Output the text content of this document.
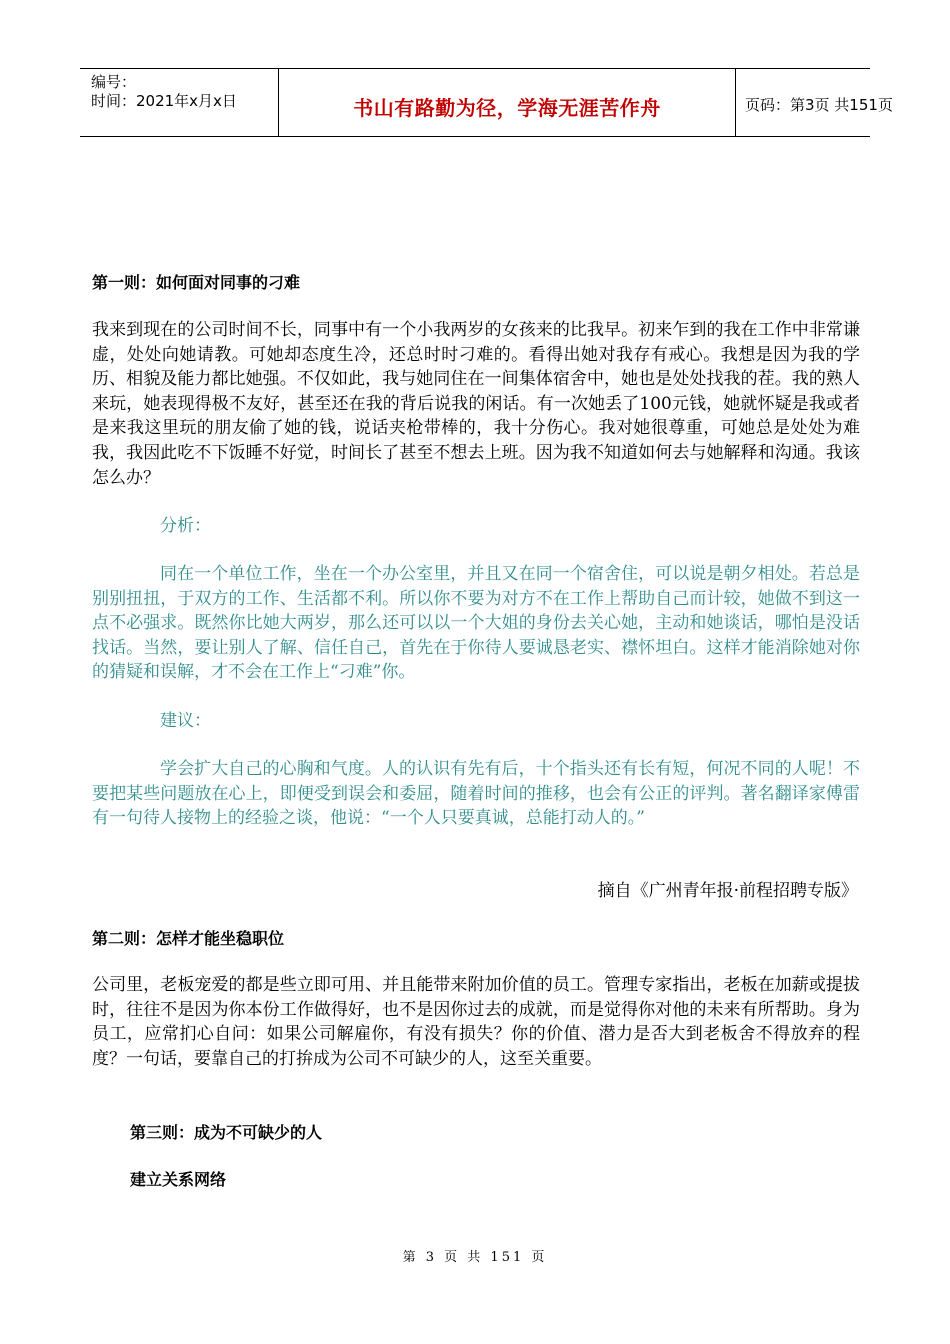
编号：
时间：2021年x月x日	书山有路勤为径，学海无涯苦作舟	页码：第3页 共151页
第一则：如何面对同事的刁难
我来到现在的公司时间不长，同事中有一个小我两岁的女孩来的比我早。初来乍到的我在工作中非常谦虚，处处向她请教。可她却态度生冷，还总时时刁难的。看得出她对我存有戒心。我想是因为我的学历、相貌及能力都比她强。不仅如此，我与她同住在一间集体宿舍中，她也是处处找我的茬。我的熟人来玩，她表现得极不友好，甚至还在我的背后说我的闲话。有一次她丢了100元钱，她就怀疑是我或者是来我这里玩的朋友偷了她的钱，说话夹枪带棒的，我十分伤心。我对她很尊重，可她总是处处为难我，我因此吃不下饭睡不好觉，时间长了甚至不想去上班。因为我不知道如何去与她解释和沟通。我该怎么办？
分析：
同在一个单位工作，坐在一个办公室里，并且又在同一个宿舍住，可以说是朝夕相处。若总是别别扭扭，于双方的工作、生活都不利。所以你不要为对方不在工作上帮助自己而计较，她做不到这一点不必强求。既然你比她大两岁，那么还可以以一个大姐的身份去关心她，主动和她谈话，哪怕是没话找话。当然，要让别人了解、信任自己，首先在于你待人要诚恳老实、襟怀坦白。这样才能消除她对你的猜疑和误解，才不会在工作上“刁难”你。
建议：
学会扩大自己的心胸和气度。人的认识有先有后，十个指头还有长有短，何况不同的人呢！不要把某些问题放在心上，即便受到误会和委屈，随着时间的推移，也会有公正的评判。著名翻译家傅雷有一句待人接物上的经验之谈，他说：“一个人只要真诚，总能打动人的。”
摘自《广州青年报·前程招聘专版》
第二则：怎样才能坐稳职位
公司里，老板宠爱的都是些立即可用、并且能带来附加价值的员工。管理专家指出，老板在加薪或提拔时，往往不是因为你本份工作做得好，也不是因你过去的成就，而是觉得你对他的未来有所帮助。身为员工，应常扪心自问：如果公司解雇你，有没有损失？你的价值、潜力是否大到老板舍不得放弃的程度？一句话，要靠自己的打拚成为公司不可缺少的人，这至关重要。
第三则：成为不可缺少的人
建立关系网络
第 3 页 共 151 页
